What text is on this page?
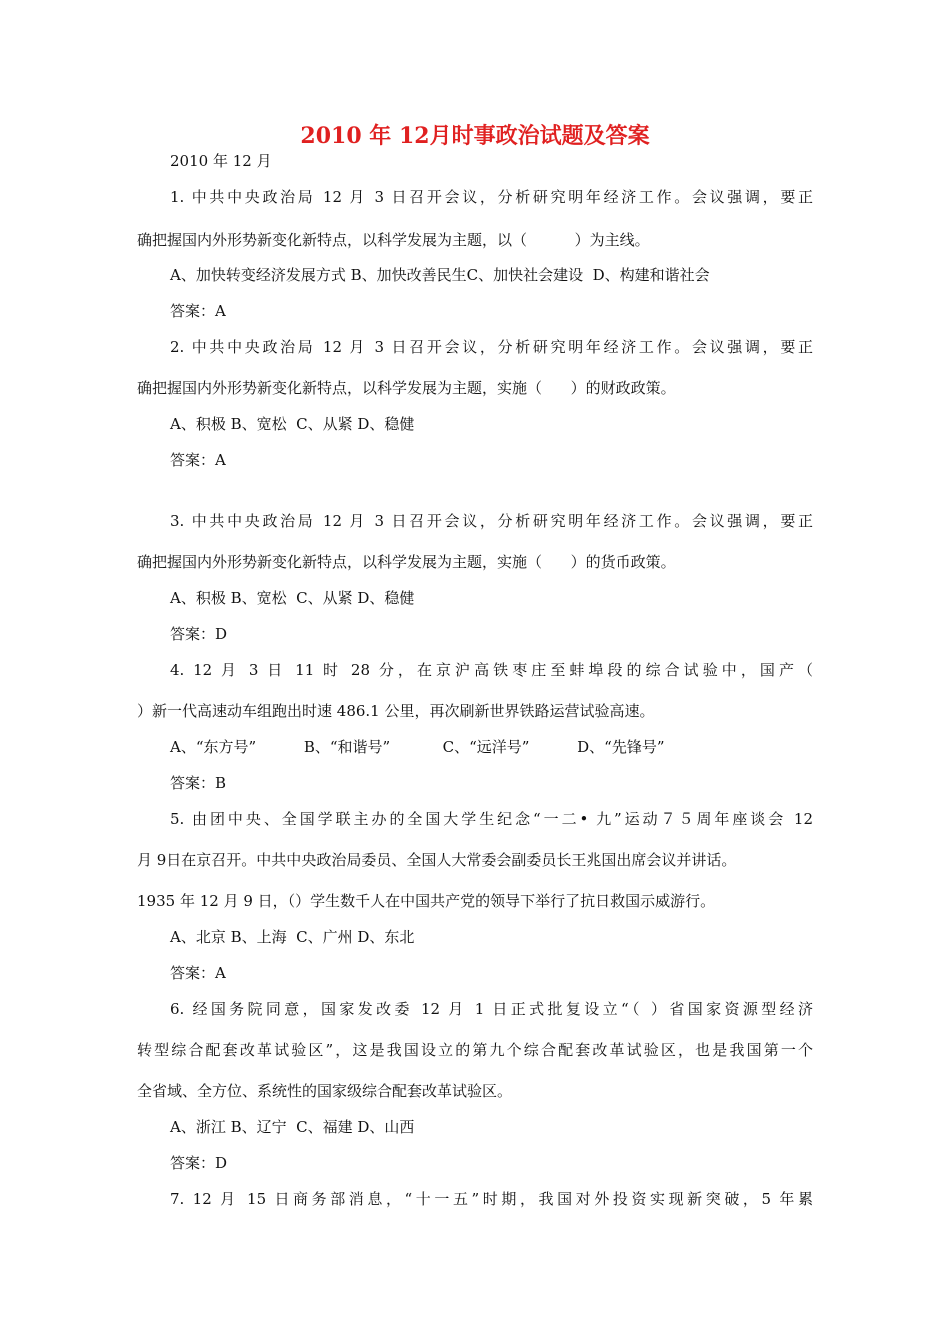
2010 年 12月时事政治试题及答案
2010 年 12 月
1. 中共中央政治局 12 月 3 日召开会议，分析研究明年经济工作。会议强调，要正
确把握国内外形势新变化新特点，以科学发展为主题，以（          ）为主线。
A、加快转变经济发展方式 B、加快改善民生C、加快社会建设  D、构建和谐社会
答案：A
2. 中共中央政治局 12 月 3 日召开会议，分析研究明年经济工作。会议强调，要正
确把握国内外形势新变化新特点，以科学发展为主题，实施（      ）的财政政策。
A、积极 B、宽松  C、从紧 D、稳健
答案：A
3. 中共中央政治局 12 月 3 日召开会议，分析研究明年经济工作。会议强调，要正
确把握国内外形势新变化新特点，以科学发展为主题，实施（      ）的货币政策。
A、积极 B、宽松  C、从紧 D、稳健
答案：D
4. 12 月 3 日 11 时 28 分，在京沪高铁枣庄至蚌埠段的综合试验中，国产（
）新一代高速动车组跑出时速 486.1 公里，再次刷新世界铁路运营试验高速。
A、“东方号”          B、“和谐号”           C、“远洋号”          D、“先锋号”
答案：B
5. 由团中央、全国学联主办的全国大学生纪念“一二• 九”运动７５周年座谈会 12
月 9日在京召开。中共中央政治局委员、全国人大常委会副委员长王兆国出席会议并讲话。
1935 年 12 月 9 日，（）学生数千人在中国共产党的领导下举行了抗日救国示威游行。
A、北京 B、上海  C、广州 D、东北
答案：A
6. 经国务院同意，国家发改委 12 月 1 日正式批复设立“（ ）省国家资源型经济
转型综合配套改革试验区”，这是我国设立的第九个综合配套改革试验区，也是我国第一个
全省域、全方位、系统性的国家级综合配套改革试验区。
A、浙江 B、辽宁  C、福建 D、山西
答案：D
7. 12 月 15 日商务部消息，“十一五”时期，我国对外投资实现新突破，5 年累
